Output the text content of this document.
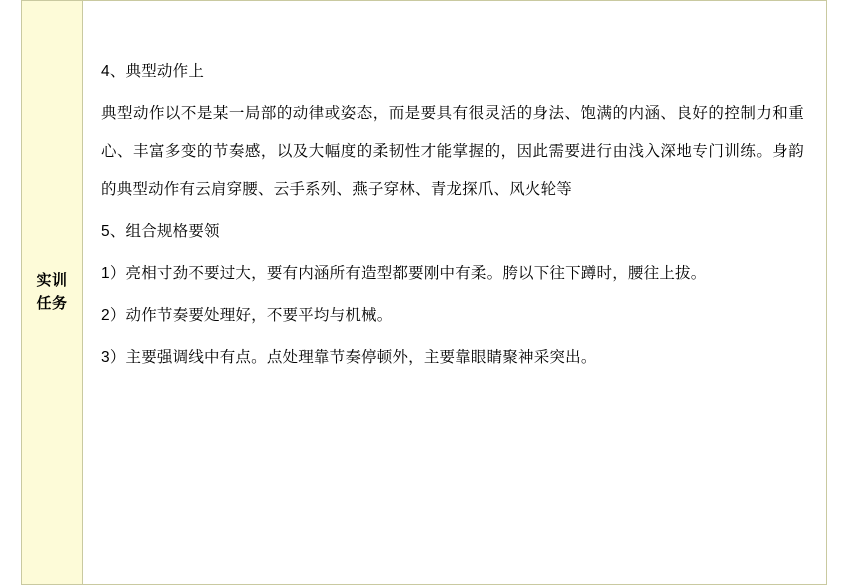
实训
任务

4、典型动作上

典型动作以不是某一局部的动律或姿态，而是要具有很灵活的身法、饱满的内涵、良好的控制力和重心、丰富多变的节奏感，以及大幅度的柔韧性才能掌握的，因此需要进行由浅入深地专门训练。身韵的典型动作有云肩穿腰、云手系列、燕子穿林、青龙探爪、风火轮等

5、组合规格要领

1）亮相寸劲不要过大，要有内涵所有造型都要刚中有柔。胯以下往下蹲时，腰往上拔。

2）动作节奏要处理好，不要平均与机械。

3）主要强调线中有点。点处理靠节奏停顿外，主要靠眼睛聚神采突出。
